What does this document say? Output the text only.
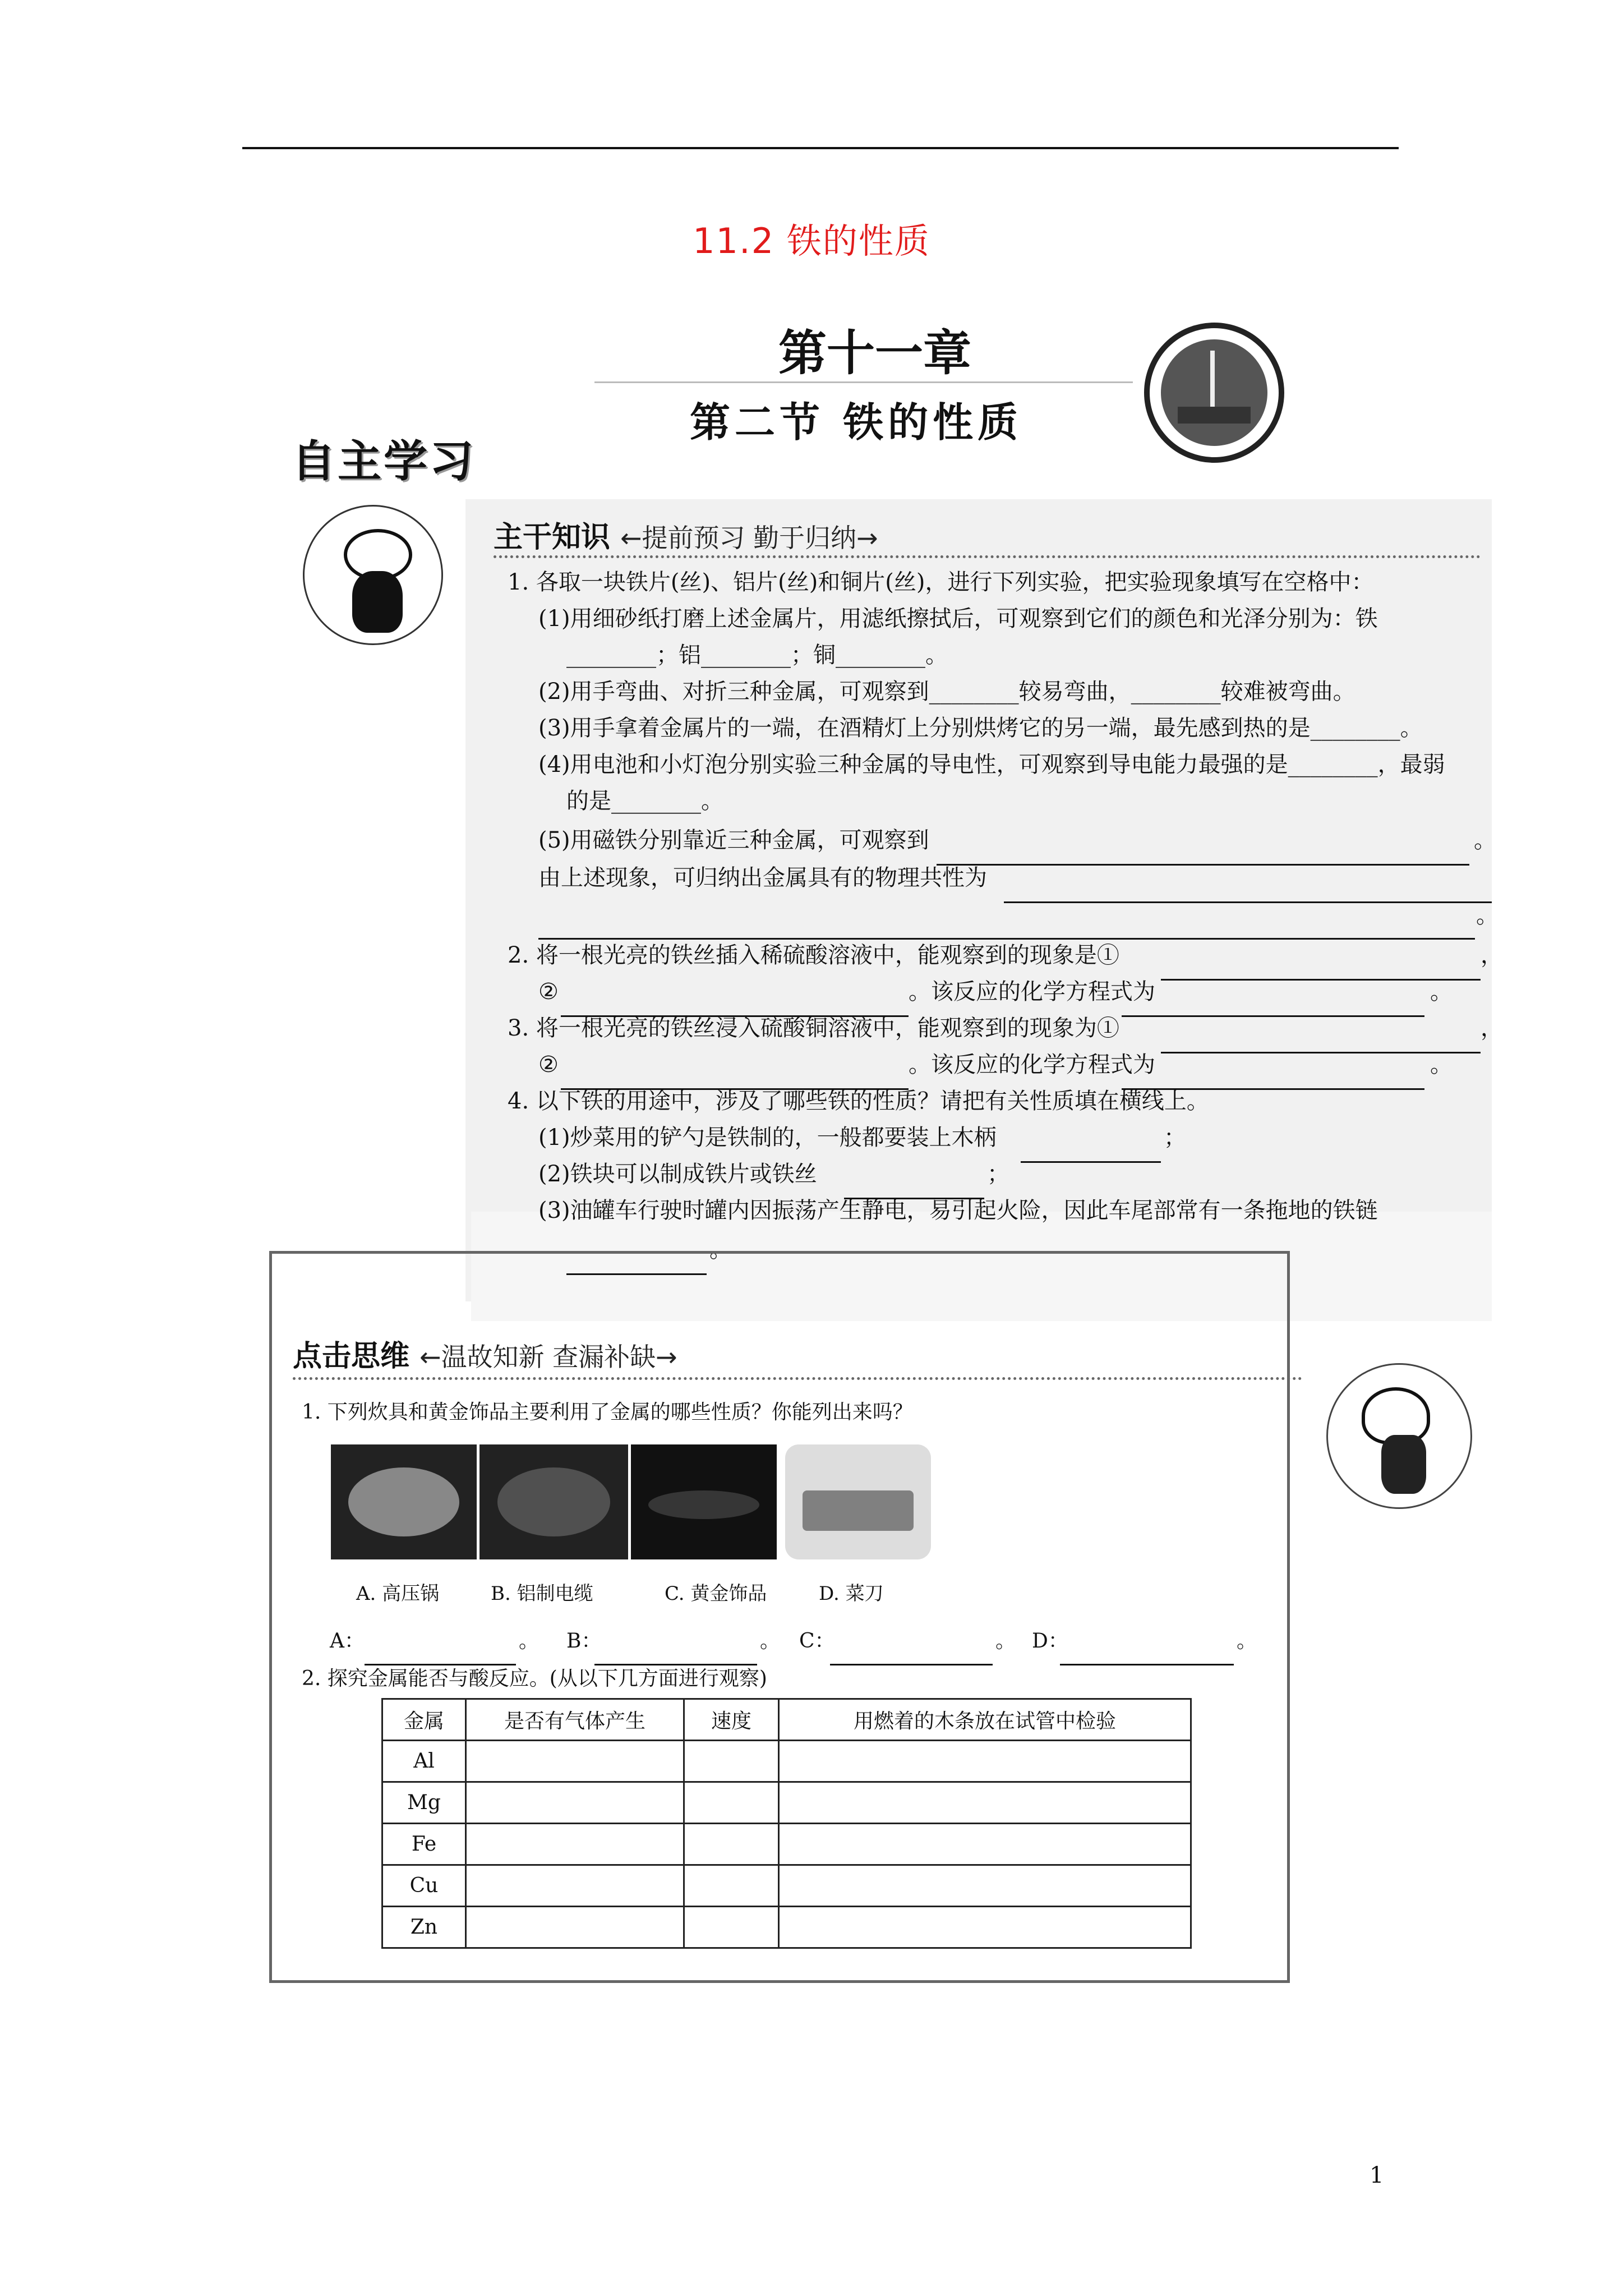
11.2 铁的性质
第十一章
第二节 铁的性质
自主学习
主干知识 ←提前预习 勤于归纳→
1. 各取一块铁片(丝)、铝片(丝)和铜片(丝)，进行下列实验，把实验现象填写在空格中：
(1)用细砂纸打磨上述金属片，用滤纸擦拭后，可观察到它们的颜色和光泽分别为：铁
________；铝________；铜________。
(2)用手弯曲、对折三种金属，可观察到________较易弯曲，________较难被弯曲。
(3)用手拿着金属片的一端，在酒精灯上分别烘烤它的另一端，最先感到热的是________。
(4)用电池和小灯泡分别实验三种金属的导电性，可观察到导电能力最强的是________，最弱
的是________。
(5)用磁铁分别靠近三种金属，可观察到	。
由上述现象，可归纳出金属具有的物理共性为
。
2. 将一根光亮的铁丝插入稀硫酸溶液中，能观察到的现象是①	，
②	。该反应的化学方程式为	。
3. 将一根光亮的铁丝浸入硫酸铜溶液中，能观察到的现象为①	，
②	。该反应的化学方程式为	。
4. 以下铁的用途中，涉及了哪些铁的性质？请把有关性质填在横线上。
(1)炒菜用的铲勺是铁制的，一般都要装上木柄	；
(2)铁块可以制成铁片或铁丝	；
(3)油罐车行驶时罐内因振荡产生静电，易引起火险，因此车尾部常有一条拖地的铁链
。
点击思维 ←温故知新 查漏补缺→
1. 下列炊具和黄金饰品主要利用了金属的哪些性质？你能列出来吗？
A. 高压锅	B. 铝制电缆	C. 黄金饰品	D. 菜刀
A：	。 B：	。 C：	。 D：	。
2. 探究金属能否与酸反应。(从以下几方面进行观察)
金属	是否有气体产生	速度	用燃着的木条放在试管中检验
Al			
Mg			
Fe			
Cu			
Zn			
1
